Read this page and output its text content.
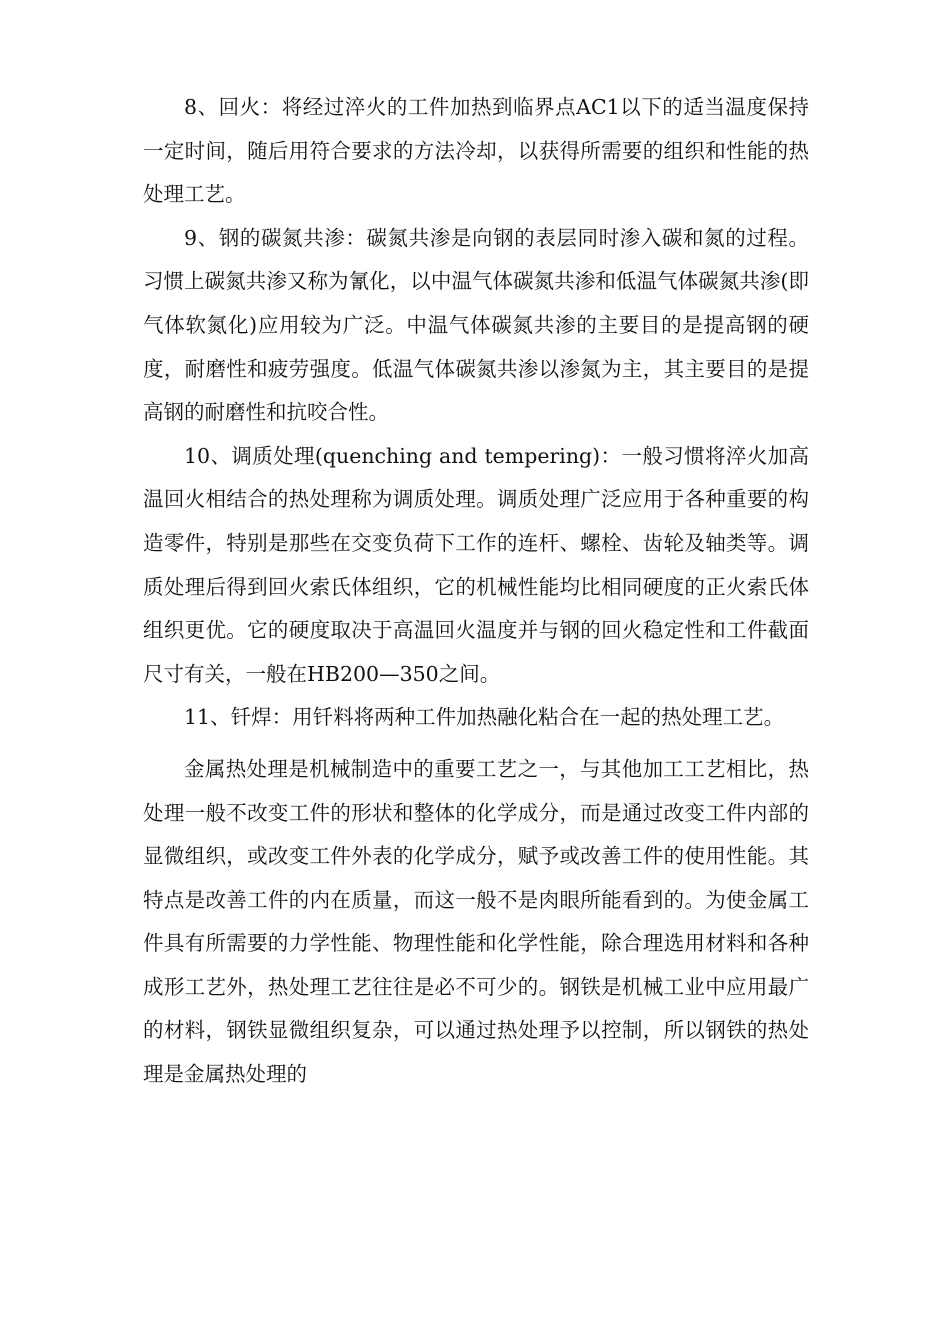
8、回火：将经过淬火的工件加热到临界点AC1以下的适当温度保持一定时间，随后用符合要求的方法冷却，以获得所需要的组织和性能的热处理工艺。

9、钢的碳氮共渗：碳氮共渗是向钢的表层同时渗入碳和氮的过程。习惯上碳氮共渗又称为氰化，以中温气体碳氮共渗和低温气体碳氮共渗(即气体软氮化)应用较为广泛。中温气体碳氮共渗的主要目的是提高钢的硬度，耐磨性和疲劳强度。低温气体碳氮共渗以渗氮为主，其主要目的是提高钢的耐磨性和抗咬合性。

10、调质处理(quenching and tempering)：一般习惯将淬火加高温回火相结合的热处理称为调质处理。调质处理广泛应用于各种重要的构造零件，特别是那些在交变负荷下工作的连杆、螺栓、齿轮及轴类等。调质处理后得到回火索氏体组织，它的机械性能均比相同硬度的正火索氏体组织更优。它的硬度取决于高温回火温度并与钢的回火稳定性和工件截面尺寸有关，一般在HB200—350之间。

11、钎焊：用钎料将两种工件加热融化粘合在一起的热处理工艺。

金属热处理是机械制造中的重要工艺之一，与其他加工工艺相比，热处理一般不改变工件的形状和整体的化学成分，而是通过改变工件内部的显微组织，或改变工件外表的化学成分，赋予或改善工件的使用性能。其特点是改善工件的内在质量，而这一般不是肉眼所能看到的。为使金属工件具有所需要的力学性能、物理性能和化学性能，除合理选用材料和各种成形工艺外，热处理工艺往往是必不可少的。钢铁是机械工业中应用最广的材料，钢铁显微组织复杂，可以通过热处理予以控制，所以钢铁的热处理是金属热处理的
